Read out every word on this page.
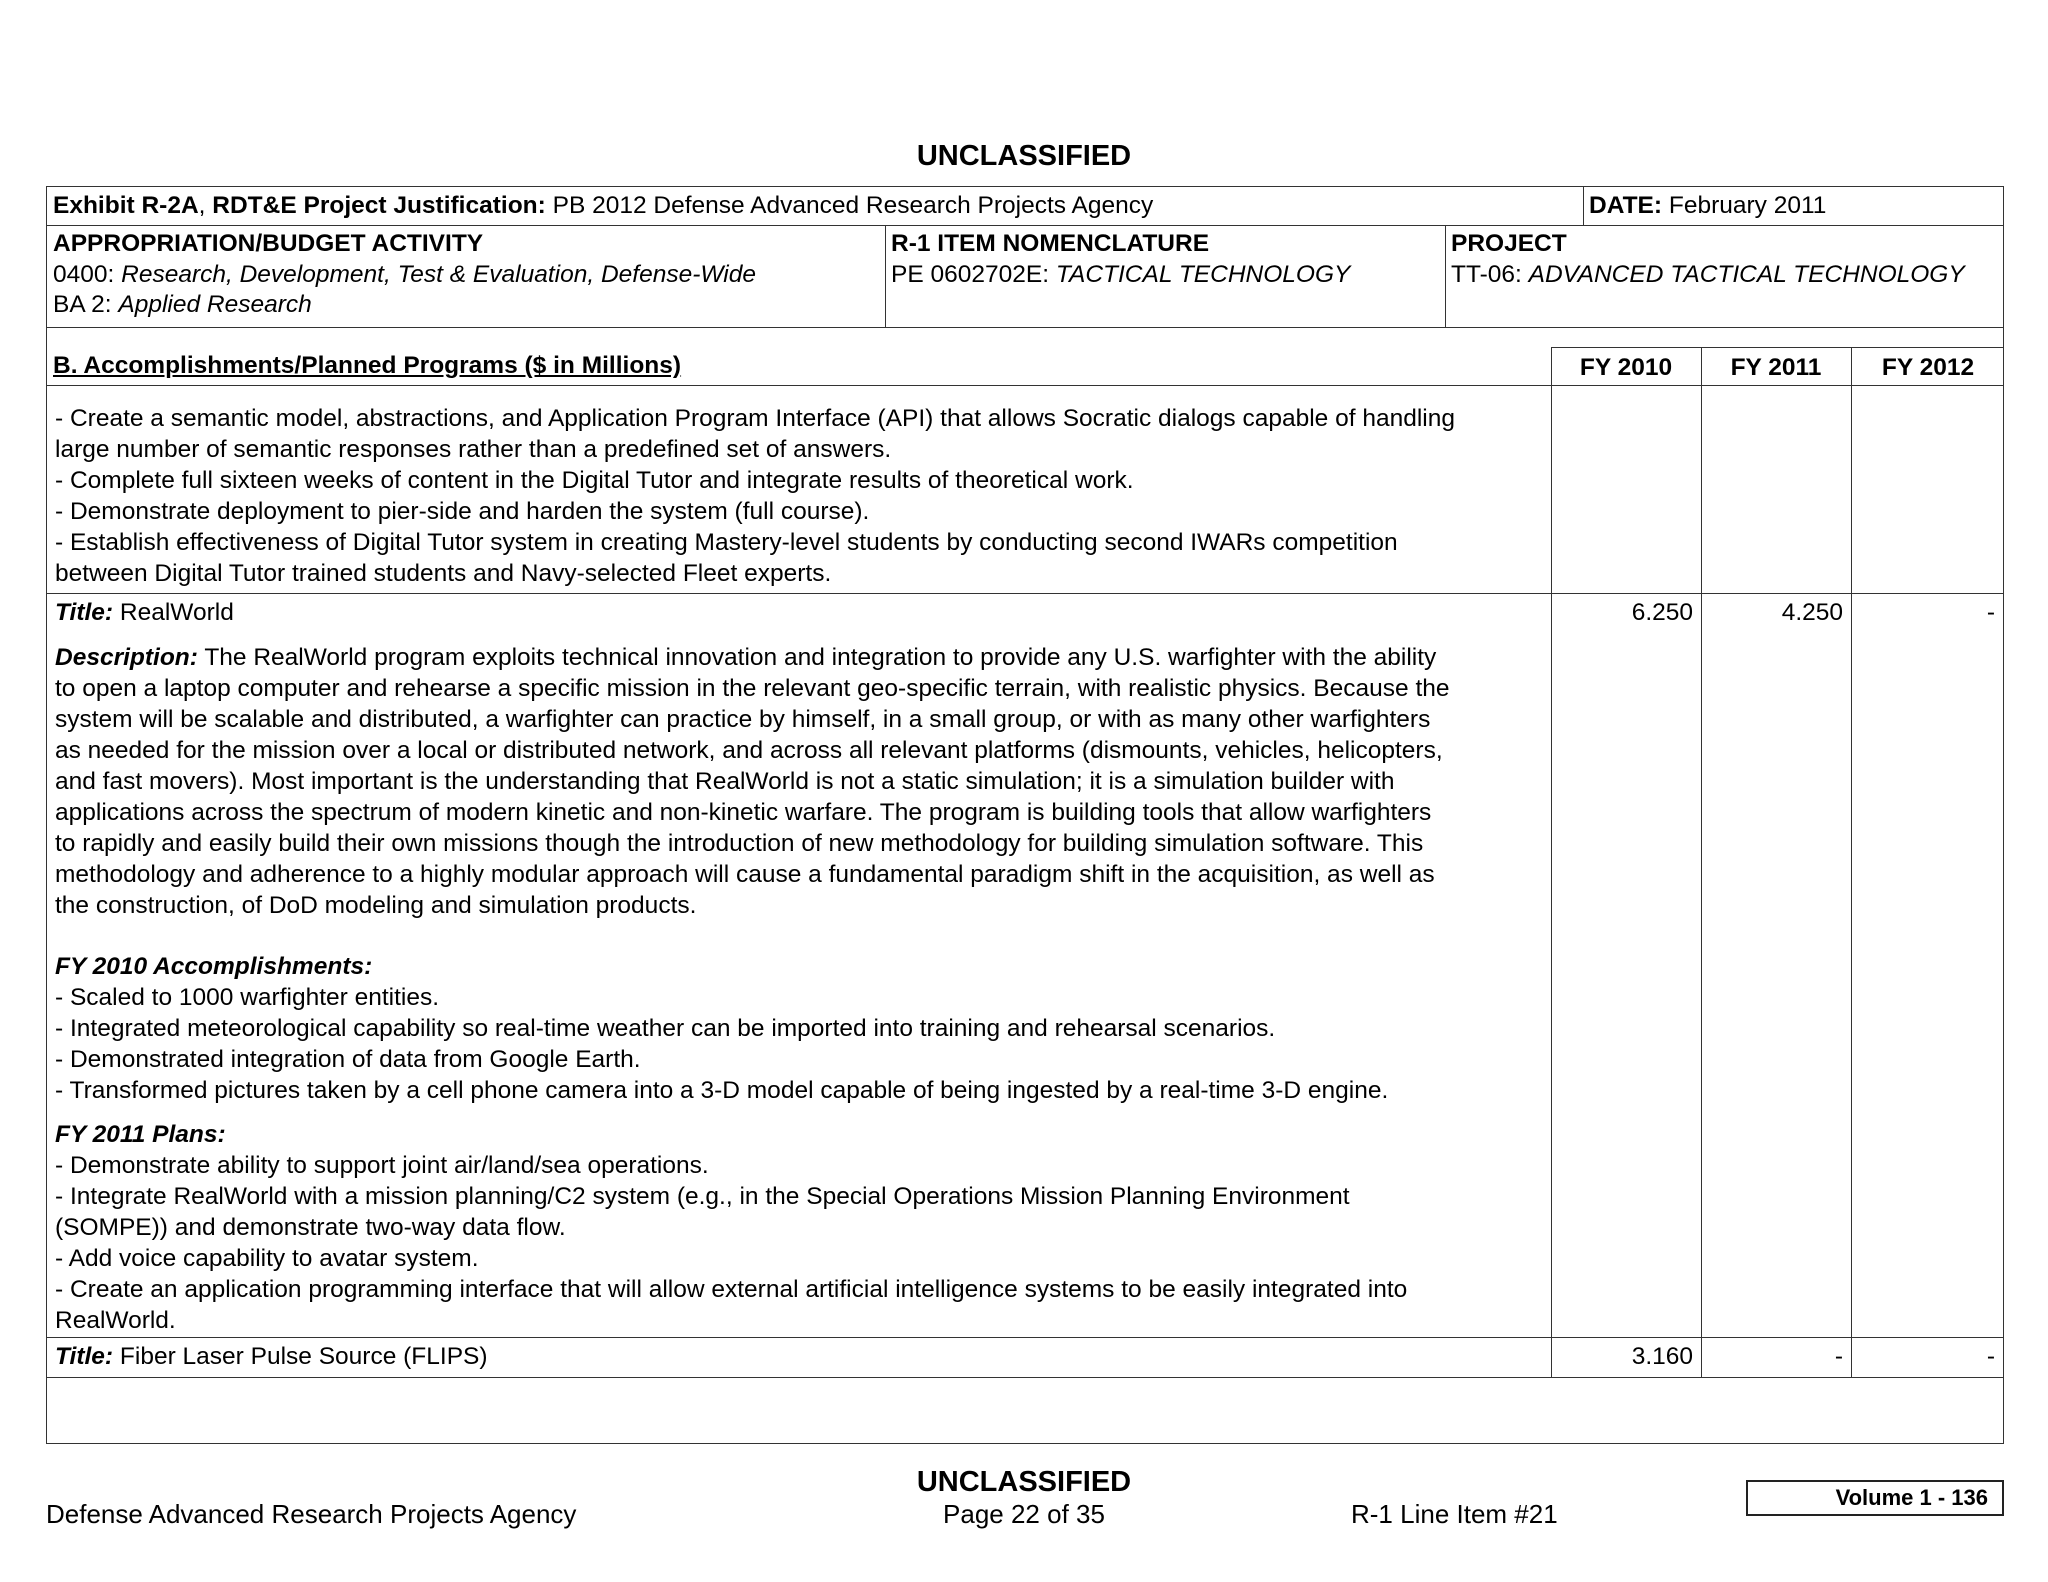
UNCLASSIFIED
Exhibit R-2A, RDT&E Project Justification: PB 2012 Defense Advanced Research Projects Agency	DATE: February 2011
APPROPRIATION/BUDGET ACTIVITY
0400: Research, Development, Test & Evaluation, Defense-Wide
BA 2: Applied Research
R-1 ITEM NOMENCLATURE
PE 0602702E: TACTICAL TECHNOLOGY
PROJECT
TT-06: ADVANCED TACTICAL TECHNOLOGY
B. Accomplishments/Planned Programs ($ in Millions)	FY 2010	FY 2011	FY 2012
- Create a semantic model, abstractions, and Application Program Interface (API) that allows Socratic dialogs capable of handling
large number of semantic responses rather than a predefined set of answers.
- Complete full sixteen weeks of content in the Digital Tutor and integrate results of theoretical work.
- Demonstrate deployment to pier-side and harden the system (full course).
- Establish effectiveness of Digital Tutor system in creating Mastery-level students by conducting second IWARs competition
between Digital Tutor trained students and Navy-selected Fleet experts.
Title: RealWorld	6.250	4.250	-
Description: The RealWorld program exploits technical innovation and integration to provide any U.S. warfighter with the ability
to open a laptop computer and rehearse a specific mission in the relevant geo-specific terrain, with realistic physics. Because the
system will be scalable and distributed, a warfighter can practice by himself, in a small group, or with as many other warfighters
as needed for the mission over a local or distributed network, and across all relevant platforms (dismounts, vehicles, helicopters,
and fast movers). Most important is the understanding that RealWorld is not a static simulation; it is a simulation builder with
applications across the spectrum of modern kinetic and non-kinetic warfare. The program is building tools that allow warfighters
to rapidly and easily build their own missions though the introduction of new methodology for building simulation software. This
methodology and adherence to a highly modular approach will cause a fundamental paradigm shift in the acquisition, as well as
the construction, of DoD modeling and simulation products.
FY 2010 Accomplishments:
- Scaled to 1000 warfighter entities.
- Integrated meteorological capability so real-time weather can be imported into training and rehearsal scenarios.
- Demonstrated integration of data from Google Earth.
- Transformed pictures taken by a cell phone camera into a 3-D model capable of being ingested by a real-time 3-D engine.
FY 2011 Plans:
- Demonstrate ability to support joint air/land/sea operations.
- Integrate RealWorld with a mission planning/C2 system (e.g., in the Special Operations Mission Planning Environment
(SOMPE)) and demonstrate two-way data flow.
- Add voice capability to avatar system.
- Create an application programming interface that will allow external artificial intelligence systems to be easily integrated into
RealWorld.
Title: Fiber Laser Pulse Source (FLIPS)	3.160	-	-
UNCLASSIFIED
Defense Advanced Research Projects Agency	Page 22 of 35	R-1 Line Item #21
Volume 1 - 136
